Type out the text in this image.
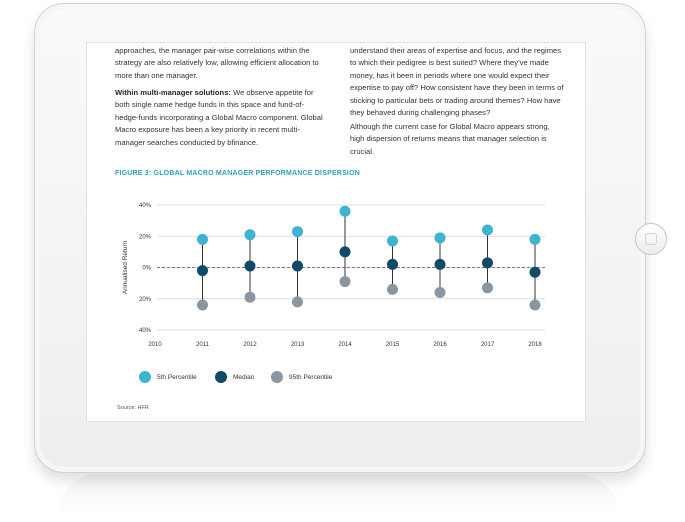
approaches, the manager pair-wise correlations within the strategy are also relatively low, allowing efficient allocation to more than one manager.

Within multi-manager solutions: We observe appetite for both single name hedge funds in this space and fund-of-hedge-funds incorporating a Global Macro component. Global Macro exposure has been a key priority in recent multi-manager searches conducted by bfinance.

understand their areas of expertise and focus, and the regimes to which their pedigree is best suited? Where they’ve made money, has it been in periods where one would expect their expertise to pay off? How consistent have they been in terms of sticking to particular bets or trading around themes? How have they behaved during challenging phases?

Although the current case for Global Macro appears strong, high dispersion of returns means that manager selection is crucial.

FIGURE 3: GLOBAL MACRO MANAGER PERFORMANCE DISPERSION

40%
20%
0%
20%
40%
Annualised Return
2010	2011	2012	2013	2014	2015	2016	2017	2018
5th Percentile	Median	95th Percentile
Source: HFR
